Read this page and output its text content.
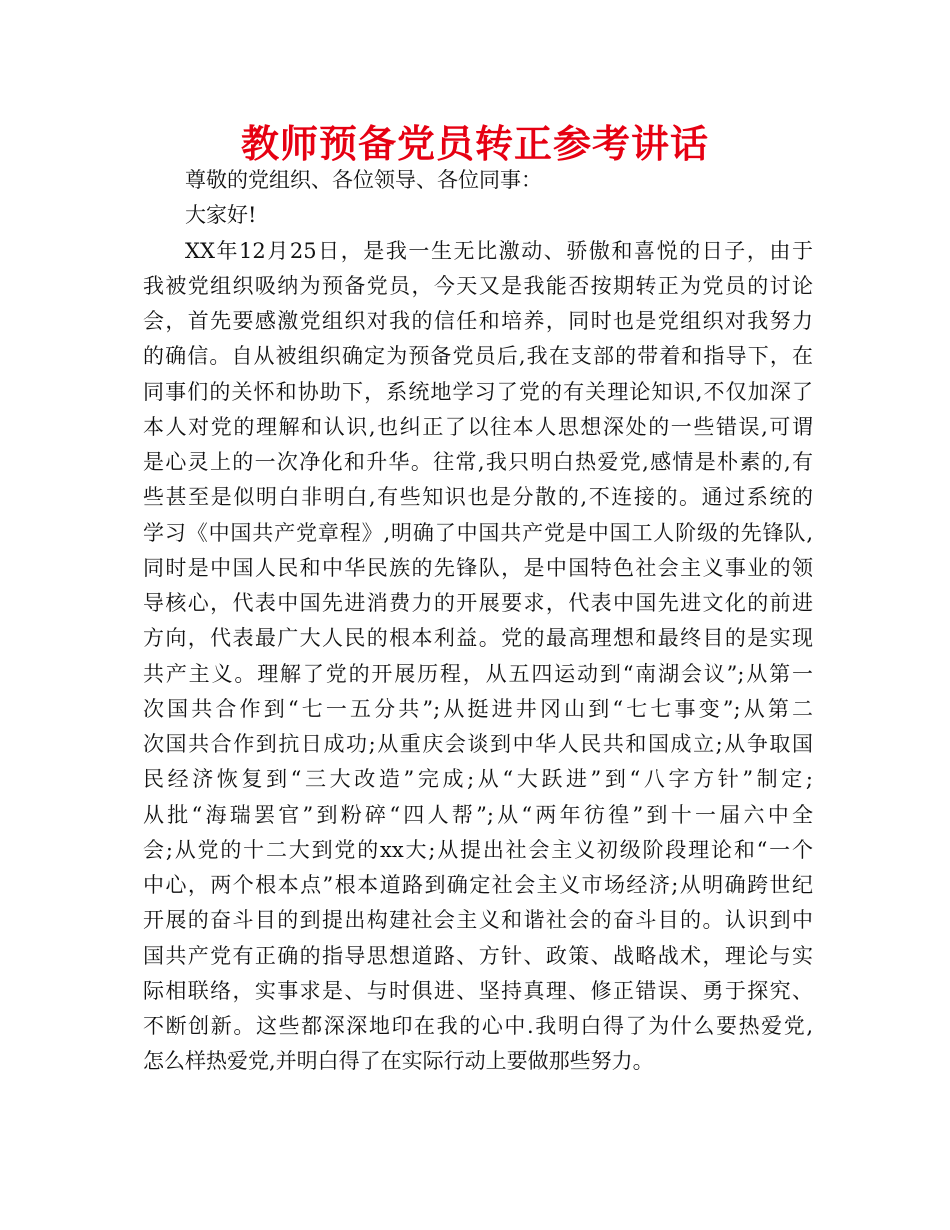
教师预备党员转正参考讲话
尊敬的党组织、各位领导、各位同事：
大家好!
XX年12月25日，是我一生无比激动、骄傲和喜悦的日子，由于
我被党组织吸纳为预备党员，今天又是我能否按期转正为党员的讨论
会，首先要感激党组织对我的信任和培养，同时也是党组织对我努力
的确信。自从被组织确定为预备党员后,我在支部的带着和指导下，在
同事们的关怀和协助下，系统地学习了党的有关理论知识,不仅加深了
本人对党的理解和认识,也纠正了以往本人思想深处的一些错误,可谓
是心灵上的一次净化和升华。往常,我只明白热爱党,感情是朴素的,有
些甚至是似明白非明白,有些知识也是分散的,不连接的。通过系统的
学习《中国共产党章程》,明确了中国共产党是中国工人阶级的先锋队,
同时是中国人民和中华民族的先锋队，是中国特色社会主义事业的领
导核心，代表中国先进消费力的开展要求，代表中国先进文化的前进
方向，代表最广大人民的根本利益。党的最高理想和最终目的是实现
共产主义。理解了党的开展历程，从五四运动到“南湖会议”;从第一
次国共合作到“七一五分共”;从挺进井冈山到“七七事变”;从第二
次国共合作到抗日成功;从重庆会谈到中华人民共和国成立;从争取国
民经济恢复到“三大改造”完成;从“大跃进”到“八字方针”制定;
从批“海瑞罢官”到粉碎“四人帮”;从“两年彷徨”到十一届六中全
会;从党的十二大到党的xx大;从提出社会主义初级阶段理论和“一个
中心，两个根本点”根本道路到确定社会主义市场经济;从明确跨世纪
开展的奋斗目的到提出构建社会主义和谐社会的奋斗目的。认识到中
国共产党有正确的指导思想道路、方针、政策、战略战术，理论与实
际相联络，实事求是、与时俱进、坚持真理、修正错误、勇于探究、
不断创新。这些都深深地印在我的心中.我明白得了为什么要热爱党,
怎么样热爱党,并明白得了在实际行动上要做那些努力。
